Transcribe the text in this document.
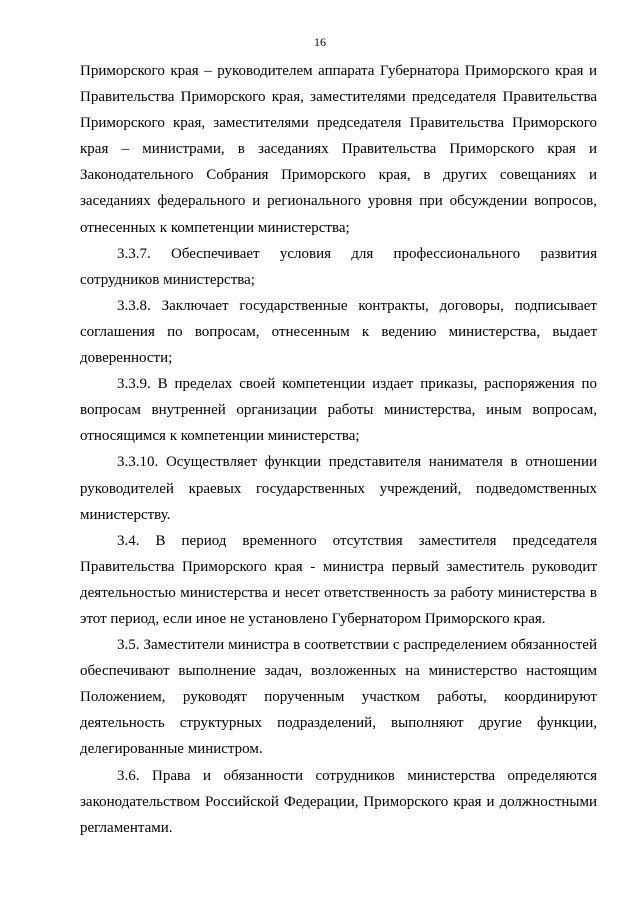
16

Приморского края – руководителем аппарата Губернатора Приморского края и Правительства Приморского края, заместителями председателя Правительства Приморского края, заместителями председателя Правительства Приморского края – министрами, в заседаниях Правительства Приморского края и Законодательного Собрания Приморского края, в других совещаниях и заседаниях федерального и регионального уровня при обсуждении вопросов, отнесенных к компетенции министерства;

3.3.7. Обеспечивает условия для профессионального развития сотрудников министерства;

3.3.8. Заключает государственные контракты, договоры, подписывает соглашения по вопросам, отнесенным к ведению министерства, выдает доверенности;

3.3.9. В пределах своей компетенции издает приказы, распоряжения по вопросам внутренней организации работы министерства, иным вопросам, относящимся к компетенции министерства;

3.3.10. Осуществляет функции представителя нанимателя в отношении руководителей краевых государственных учреждений, подведомственных министерству.

3.4. В период временного отсутствия заместителя председателя Правительства Приморского края - министра первый заместитель руководит деятельностью министерства и несет ответственность за работу министерства в этот период, если иное не установлено Губернатором Приморского края.

3.5. Заместители министра в соответствии с распределением обязанностей обеспечивают выполнение задач, возложенных на министерство настоящим Положением, руководят порученным участком работы, координируют деятельность структурных подразделений, выполняют другие функции, делегированные министром.

3.6. Права и обязанности сотрудников министерства определяются законодательством Российской Федерации, Приморского края и должностными регламентами.
